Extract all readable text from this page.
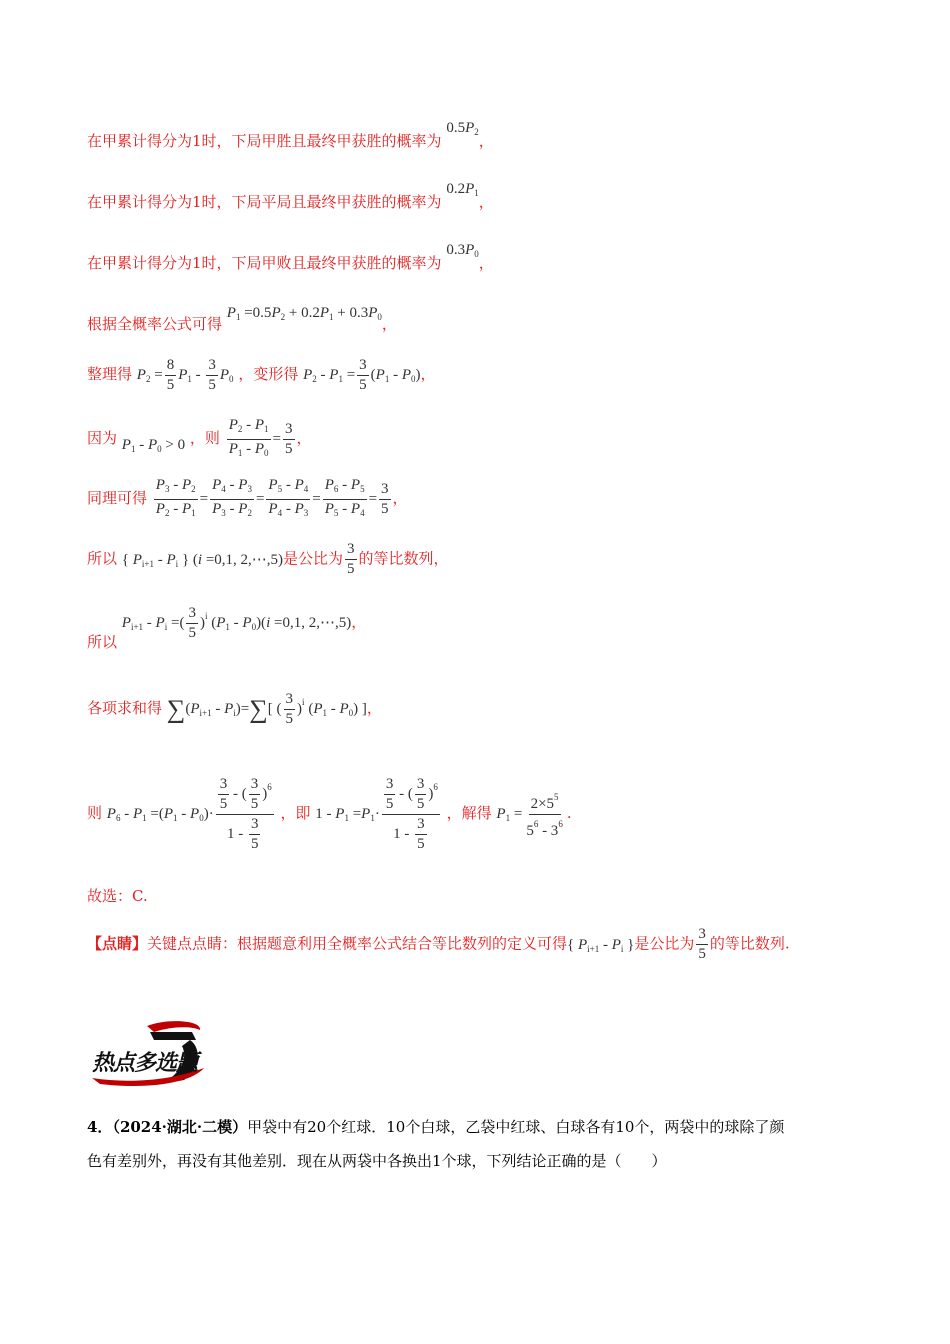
在甲累计得分为1时，下局甲胜且最终甲获胜的概率为 $0.5P_2$，
在甲累计得分为1时，下局平局且最终甲获胜的概率为 $0.2P_1$，
在甲累计得分为1时，下局甲败且最终甲获胜的概率为 $0.3P_0$，
根据全概率公式可得 $P_1 =0.5P_2 + 0.2P_1 + 0.3P_0$，
整理得 $P_2 = \frac{8}{5} P_1 - \frac{3}{5} P_0$ ，变形得 $P_2 - P_1 = \frac{3}{5} (P_1 - P_0)$，
因为 $P_1 - P_0 > 0$ ，则 $\frac{P_2 - P_1}{P_1 - P_0} = \frac{3}{5}$ ，
同理可得 $\frac{P_3 - P_2}{P_2 - P_1} = \frac{P_4 - P_3}{P_3 - P_2} = \frac{P_5 - P_4}{P_4 - P_3} = \frac{P_6 - P_5}{P_5 - P_4} = \frac{3}{5}$ ，
所以 { $P_{i+1} - P_i$ } (i =0,1, 2,⋯,5)是公比为 $\frac{3}{5}$ 的等比数列，
所以 $P_{i+1} - P_i$ =( $\frac{3}{5} )^i$ $(P_1 - P_0)(i =0,1$, 2,⋯,5)，
各项求和得 $\sum(P_{i+1} - P_i)=\sum$[ ( $\frac{3}{5} )^i$ $(P_1 - P_0)$ ]，
则 $P_6 - P_1 =(P_1 - P_0)\cdot \frac{\frac{3}{5} - ( \frac{3}{5} )^6}{1 - \frac{3}{5}}$ ，即 $1 - P_1 =P_1\cdot \frac{\frac{3}{5} - ( \frac{3}{5} )^6}{1 - \frac{3}{5}}$ ，解得 $P_1 = \frac{2\times 5^5}{5^6 - 3^6}$ .
故选：C.
【点睛】关键点点睛：根据题意利用全概率公式结合等比数列的定义可得{ $P_{i+1} - P_i$ }是公比为 $\frac{3}{5}$ 的等比数列.
热点多选题
4．（2024·湖北·二模）甲袋中有20个红球．10个白球，乙袋中红球、白球各有10个，两袋中的球除了颜
色有差别外，再没有其他差别．现在从两袋中各换出1个球，下列结论正确的是（　　）
